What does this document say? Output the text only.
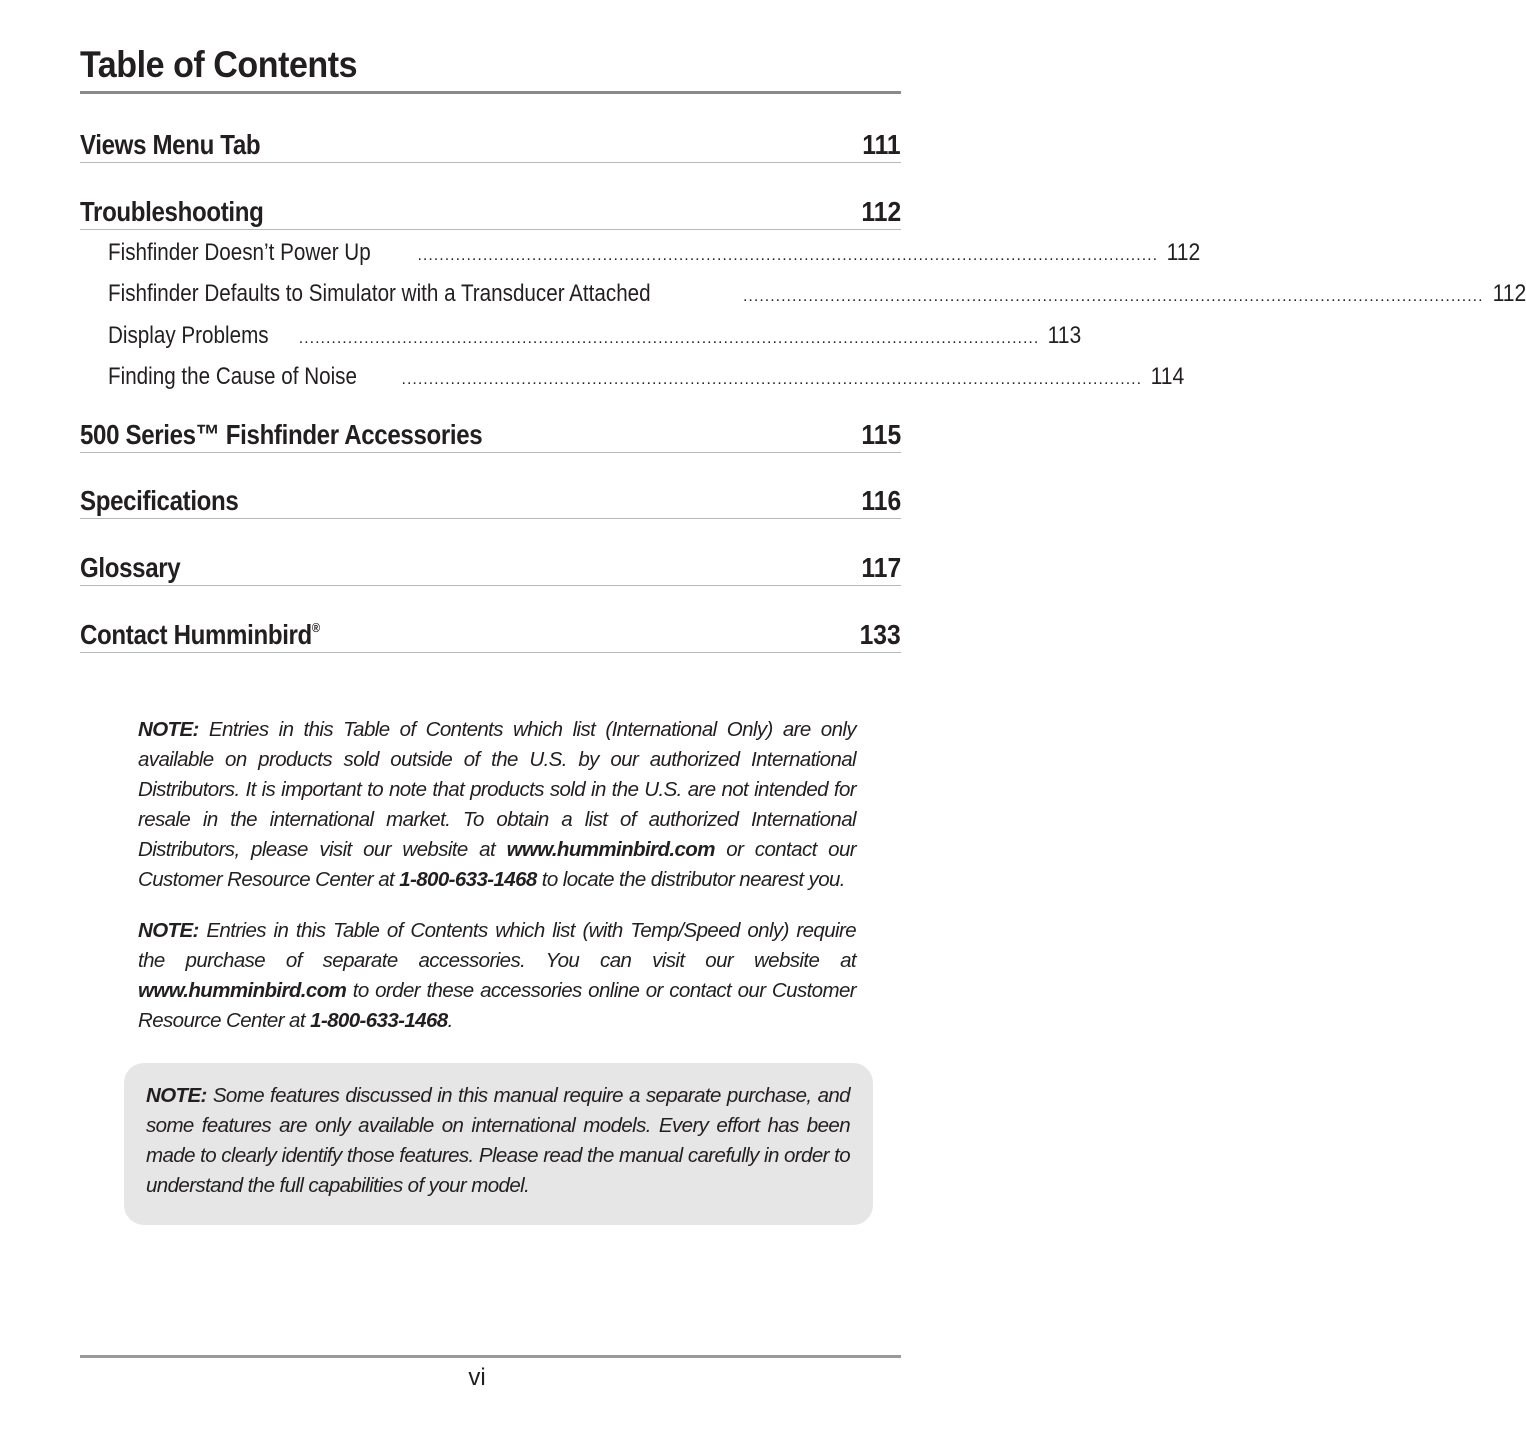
Table of Contents
Views Menu Tab	111
Troubleshooting	112
Fishfinder Doesn’t Power Up	........................................................................................................................................ 112
Fishfinder Defaults to Simulator with a Transducer Attached	........................................................................................................................................ 112
Display Problems ........................................................................................................................................ 113
Finding the Cause of Noise	........................................................................................................................................ 114
500 Series™ Fishfinder Accessories	115
Specifications	116
Glossary	117
Contact Humminbird®	133
NOTE: Entries in this Table of Contents which list (International Only) are only available on products sold outside of the U.S. by our authorized International Distributors. It is important to note that products sold in the U.S. are not intended for resale in the international market. To obtain a list of authorized International Distributors, please visit our website at www.humminbird.com or contact our Customer Resource Center at 1-800-633-1468 to locate the distributor nearest you.
NOTE: Entries in this Table of Contents which list (with Temp/Speed only) require the purchase of separate accessories. You can visit our website at www.humminbird.com to order these accessories online or contact our Customer Resource Center at 1-800-633-1468.
NOTE: Some features discussed in this manual require a separate purchase, and some features are only available on international models. Every effort has been made to clearly identify those features. Please read the manual carefully in order to understand the full capabilities of your model.
vi
